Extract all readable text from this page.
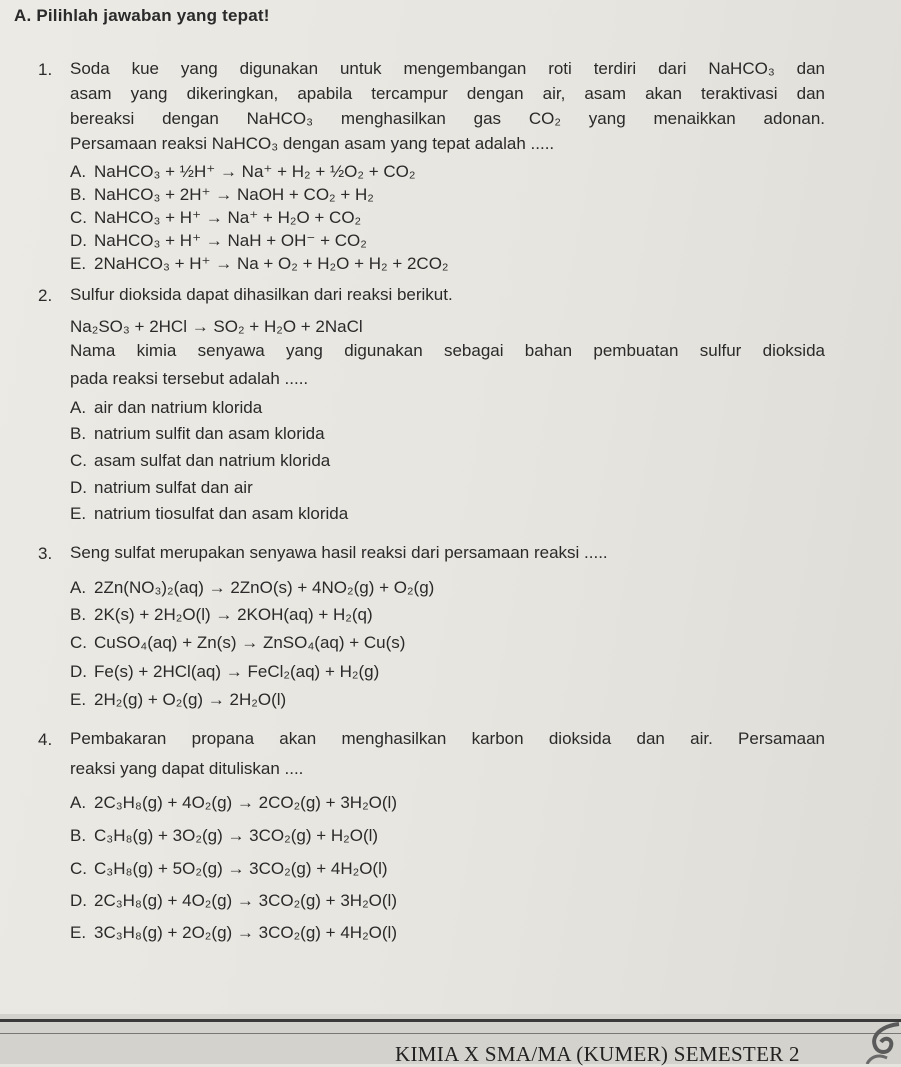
A. Pilihlah jawaban yang tepat!
1. Soda kue yang digunakan untuk mengembangan roti terdiri dari NaHCO₃ dan
asam yang dikeringkan, apabila tercampur dengan air, asam akan teraktivasi dan
bereaksi dengan NaHCO₃ menghasilkan gas CO₂ yang menaikkan adonan.
Persamaan reaksi NaHCO₃ dengan asam yang tepat adalah .....
A. NaHCO₃ + ½H⁺ → Na⁺ + H₂ + ½O₂ + CO₂
B. NaHCO₃ + 2H⁺ → NaOH + CO₂ + H₂
C. NaHCO₃ + H⁺ → Na⁺ + H₂O + CO₂
D. NaHCO₃ + H⁺ → NaH + OH⁻ + CO₂
E. 2NaHCO₃ + H⁺ → Na + O₂ + H₂O + H₂ + 2CO₂
2. Sulfur dioksida dapat dihasilkan dari reaksi berikut.
Na₂SO₃ + 2HCl → SO₂ + H₂O + 2NaCl
Nama kimia senyawa yang digunakan sebagai bahan pembuatan sulfur dioksida
pada reaksi tersebut adalah .....
A. air dan natrium klorida
B. natrium sulfit dan asam klorida
C. asam sulfat dan natrium klorida
D. natrium sulfat dan air
E. natrium tiosulfat dan asam klorida
3. Seng sulfat merupakan senyawa hasil reaksi dari persamaan reaksi .....
A. 2Zn(NO₃)₂(aq) → 2ZnO(s) + 4NO₂(g) + O₂(g)
B. 2K(s) + 2H₂O(l) → 2KOH(aq) + H₂(q)
C. CuSO₄(aq) + Zn(s) → ZnSO₄(aq) + Cu(s)
D. Fe(s) + 2HCl(aq) → FeCl₂(aq) + H₂(g)
E. 2H₂(g) + O₂(g) → 2H₂O(l)
4. Pembakaran propana akan menghasilkan karbon dioksida dan air. Persamaan
reaksi yang dapat dituliskan ....
A. 2C₃H₈(g) + 4O₂(g) → 2CO₂(g) + 3H₂O(l)
B. C₃H₈(g) + 3O₂(g) → 3CO₂(g) + H₂O(l)
C. C₃H₈(g) + 5O₂(g) → 3CO₂(g) + 4H₂O(l)
D. 2C₃H₈(g) + 4O₂(g) → 3CO₂(g) + 3H₂O(l)
E. 3C₃H₈(g) + 2O₂(g) → 3CO₂(g) + 4H₂O(l)
KIMIA X SMA/MA (KUMER) SEMESTER 2
